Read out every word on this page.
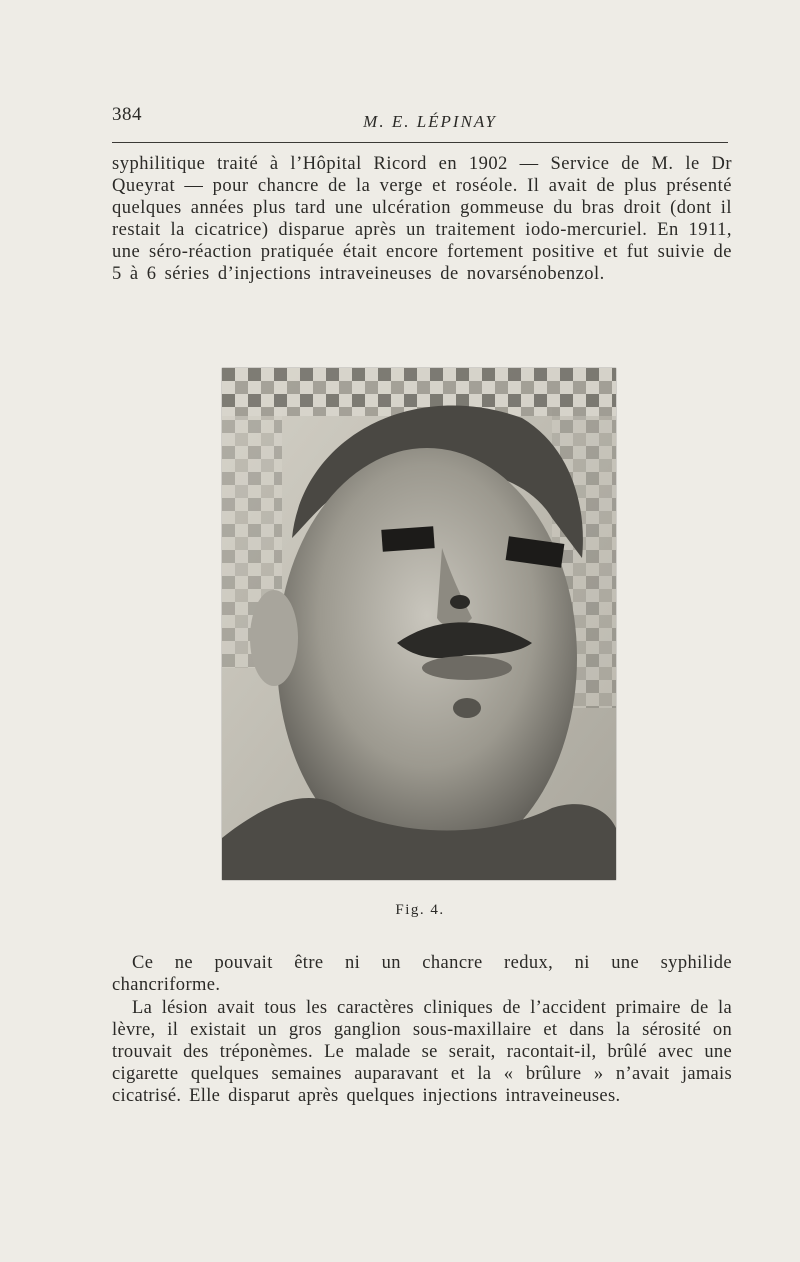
384	M. E. LÉPINAY

syphilitique traité à l’Hôpital Ricord en 1902 — Service de M. le Dr Queyrat — pour chancre de la verge et roséole. Il avait de plus présenté quelques années plus tard une ulcération gommeuse du bras droit (dont il restait la cicatrice) disparue après un traitement iodo-mercuriel. En 1911, une séro-réaction pratiquée était encore fortement positive et fut suivie de 5 à 6 séries d’injections intraveineuses de novarsénobenzol.

Fig. 4.

Ce ne pouvait être ni un chancre redux, ni une syphilide chancriforme.

La lésion avait tous les caractères cliniques de l’accident primaire de la lèvre, il existait un gros ganglion sous-maxillaire et dans la sérosité on trouvait des tréponèmes. Le malade se serait, racontait-il, brûlé avec une cigarette quelques semaines auparavant et la « brûlure » n’avait jamais cicatrisé. Elle disparut après quelques injections intraveineuses.
